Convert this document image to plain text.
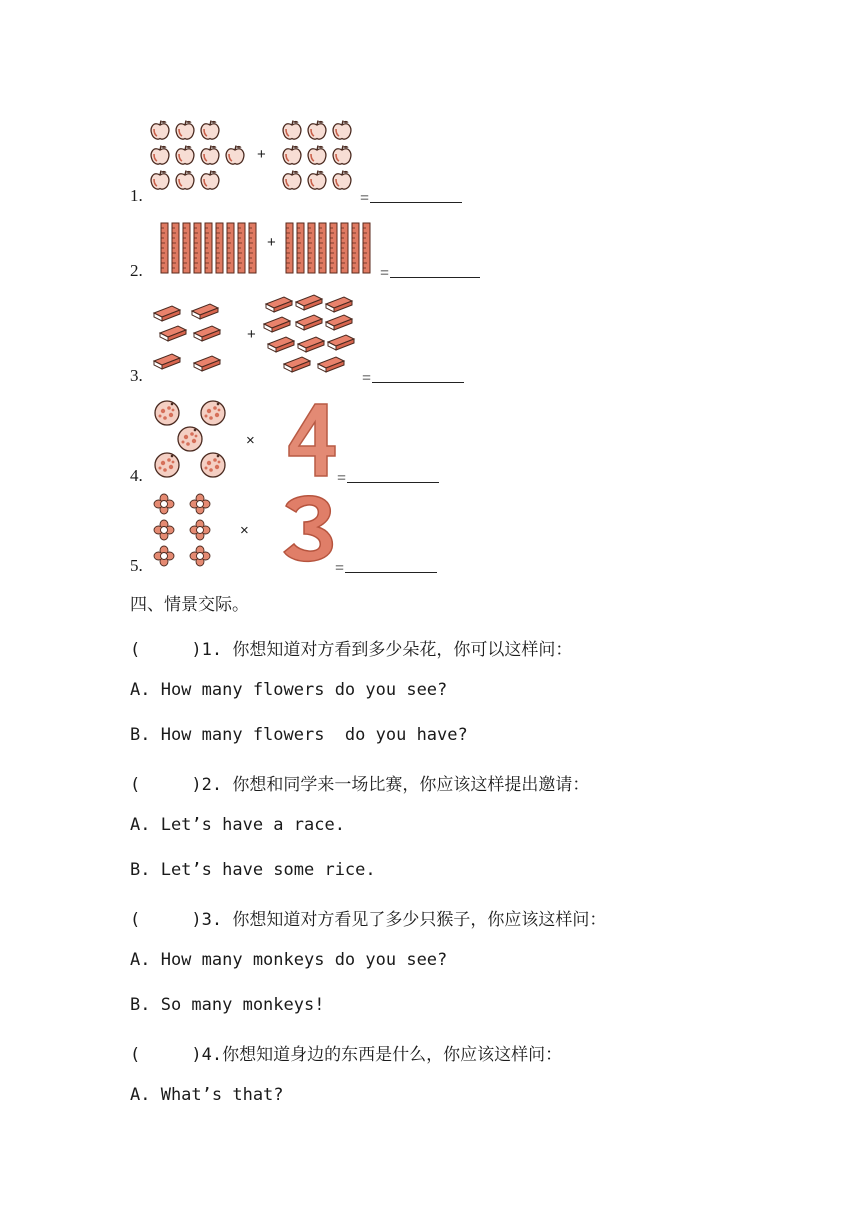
1.
+
=
2.
+
=
3.
+
=
4.
×
=
5.
×
=
四、情景交际。
(     )1. 你想知道对方看到多少朵花，你可以这样问：
A. How many flowers do you see?
B. How many flowers  do you have?
(     )2. 你想和同学来一场比赛，你应该这样提出邀请：
A. Let’s have a race.
B. Let’s have some rice.
(     )3. 你想知道对方看见了多少只猴子，你应该这样问：
A. How many monkeys do you see?
B. So many monkeys!
(     )4.你想知道身边的东西是什么，你应该这样问：
A. What’s that?
